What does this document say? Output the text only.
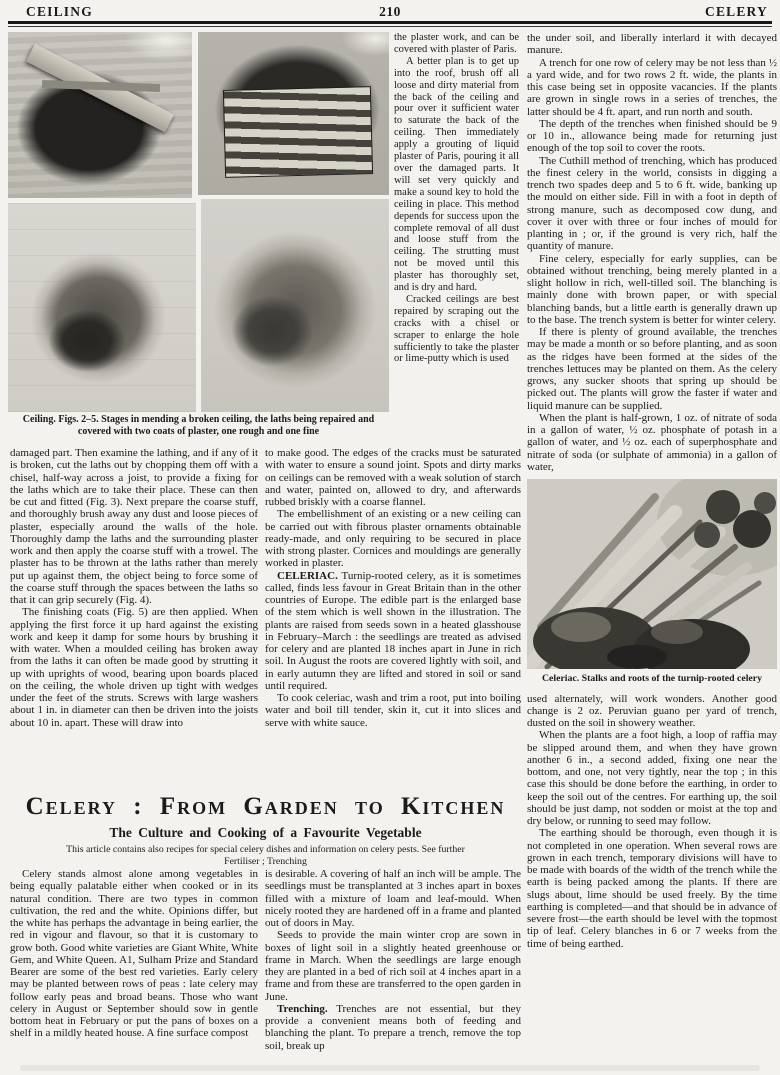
CEILING	210	CELERY
Ceiling. Figs. 2–5. Stages in mending a broken ceiling, the laths being repaired and covered with two coats of plaster, one rough and one fine

damaged part. Then examine the lathing, and if any of it is broken, cut the laths out by chopping them off with a chisel, half-way across a joist, to provide a fixing for the laths which are to take their place. These can then be cut and fitted (Fig. 3). Next prepare the coarse stuff, and thoroughly brush away any dust and loose pieces of plaster, especially around the walls of the hole. Thoroughly damp the laths and the surrounding plaster work and then apply the coarse stuff with a trowel. The plaster has to be thrown at the laths rather than merely put up against them, the object being to force some of the coarse stuff through the spaces between the laths so that it can grip securely (Fig. 4).

The finishing coats (Fig. 5) are then applied. When applying the first force it up hard against the existing work and keep it damp for some hours by brushing it with water. When a moulded ceiling has broken away from the laths it can often be made good by strutting it up with uprights of wood, bearing upon boards placed on the ceiling, the whole driven up tight with wedges under the feet of the struts. Screws with large washers about 1 in. in diameter can then be driven into the joists about 10 in. apart. These will draw into

to make good. The edges of the cracks must be saturated with water to ensure a sound joint. Spots and dirty marks on ceilings can be removed with a weak solution of starch and water, painted on, allowed to dry, and afterwards rubbed briskly with a coarse flannel.

The embellishment of an existing or a new ceiling can be carried out with fibrous plaster ornaments obtainable ready-made, and only requiring to be secured in place with strong plaster. Cornices and mouldings are generally worked in plaster.

CELERIAC. Turnip-rooted celery, as it is sometimes called, finds less favour in Great Britain than in the other countries of Europe. The edible part is the enlarged base of the stem which is well shown in the illustration. The plants are raised from seeds sown in a heated glasshouse in February–March : the seedlings are treated as advised for celery and are planted 18 inches apart in June in rich soil. In August the roots are covered lightly with soil, and in early autumn they are lifted and stored in soil or sand until required.

To cook celeriac, wash and trim a root, put into boiling water and boil till tender, skin it, cut it into slices and serve with white sauce.

the plaster work, and can be covered with plaster of Paris.

A better plan is to get up into the roof, brush off all loose and dirty material from the back of the ceiling and pour over it sufficient water to saturate the back of the ceiling. Then immediately apply a grouting of liquid plaster of Paris, pouring it all over the damaged parts. It will set very quickly and make a sound key to hold the ceiling in place. This method depends for success upon the complete removal of all dust and loose stuff from the ceiling. The strutting must not be moved until this plaster has thoroughly set, and is dry and hard.

Cracked ceilings are best repaired by scraping out the cracks with a chisel or scraper to enlarge the hole sufficiently to take the plaster or lime-putty which is used

Celery : From Garden to Kitchen
The Culture and Cooking of a Favourite Vegetable
This article contains also recipes for special celery dishes and information on celery pests. See further
Fertiliser ; Trenching

Celery stands almost alone among vegetables in being equally palatable either when cooked or in its natural condition. There are two types in common cultivation, the red and the white. Opinions differ, but the white has perhaps the advantage in being earlier, the red in vigour and flavour, so that it is customary to grow both. Good white varieties are Giant White, White Gem, and White Queen. A1, Sulham Prize and Standard Bearer are some of the best red varieties. Early celery may be planted between rows of peas : late celery may follow early peas and broad beans. Those who want celery in August or September should sow in gentle bottom heat in February or put the pans of boxes on a shelf in a mildly heated house. A fine surface compost

is desirable. A covering of half an inch will be ample. The seedlings must be transplanted at 3 inches apart in boxes filled with a mixture of loam and leaf-mould. When nicely rooted they are hardened off in a frame and planted out of doors in May.

Seeds to provide the main winter crop are sown in boxes of light soil in a slightly heated greenhouse or frame in March. When the seedlings are large enough they are planted in a bed of rich soil at 4 inches apart in a frame and from these are transferred to the open garden in June.

Trenching. Trenches are not essential, but they provide a convenient means both of feeding and blanching the plant. To prepare a trench, remove the top soil, break up

the under soil, and liberally interlard it with decayed manure.

A trench for one row of celery may be not less than ½ a yard wide, and for two rows 2 ft. wide, the plants in this case being set in opposite vacancies. If the plants are grown in single rows in a series of trenches, the latter should be 4 ft. apart, and run north and south.

The depth of the trenches when finished should be 9 or 10 in., allowance being made for returning just enough of the top soil to cover the roots.

The Cuthill method of trenching, which has produced the finest celery in the world, consists in digging a trench two spades deep and 5 to 6 ft. wide, banking up the mould on either side. Fill in with a foot in depth of strong manure, such as decomposed cow dung, and cover it over with three or four inches of mould for planting in ; or, if the ground is very rich, half the quantity of manure.

Fine celery, especially for early supplies, can be obtained without trenching, being merely planted in a slight hollow in rich, well-tilled soil. The blanching is mainly done with brown paper, or with special blanching bands, but a little earth is generally drawn up to the base. The trench system is better for winter celery.

If there is plenty of ground available, the trenches may be made a month or so before planting, and as soon as the ridges have been formed at the sides of the trenches lettuces may be planted on them. As the celery grows, any sucker shoots that spring up should be picked out. The plants will grow the faster if water and liquid manure can be supplied.

When the plant is half-grown, 1 oz. of nitrate of soda in a gallon of water, ½ oz. phosphate of potash in a gallon of water, and ½ oz. each of superphosphate and nitrate of soda (or sulphate of ammonia) in a gallon of water,

Celeriac. Stalks and roots of the turnip-rooted celery

used alternately, will work wonders. Another good change is 2 oz. Peruvian guano per yard of trench, dusted on the soil in showery weather.

When the plants are a foot high, a loop of raffia may be slipped around them, and when they have grown another 6 in., a second added, fixing one near the bottom, and one, not very tightly, near the top ; in this case this should be done before the earthing, in order to keep the soil out of the centres. For earthing up, the soil should be just damp, not sodden or moist at the top and dry below, or running to seed may follow.

The earthing should be thorough, even though it is not completed in one operation. When several rows are grown in each trench, temporary divisions will have to be made with boards of the width of the trench while the earth is being packed among the plants. If there are slugs about, lime should be used freely. By the time earthing is completed—and that should be in advance of severe frost—the earth should be level with the topmost tip of leaf. Celery blanches in 6 or 7 weeks from the time of being earthed.
